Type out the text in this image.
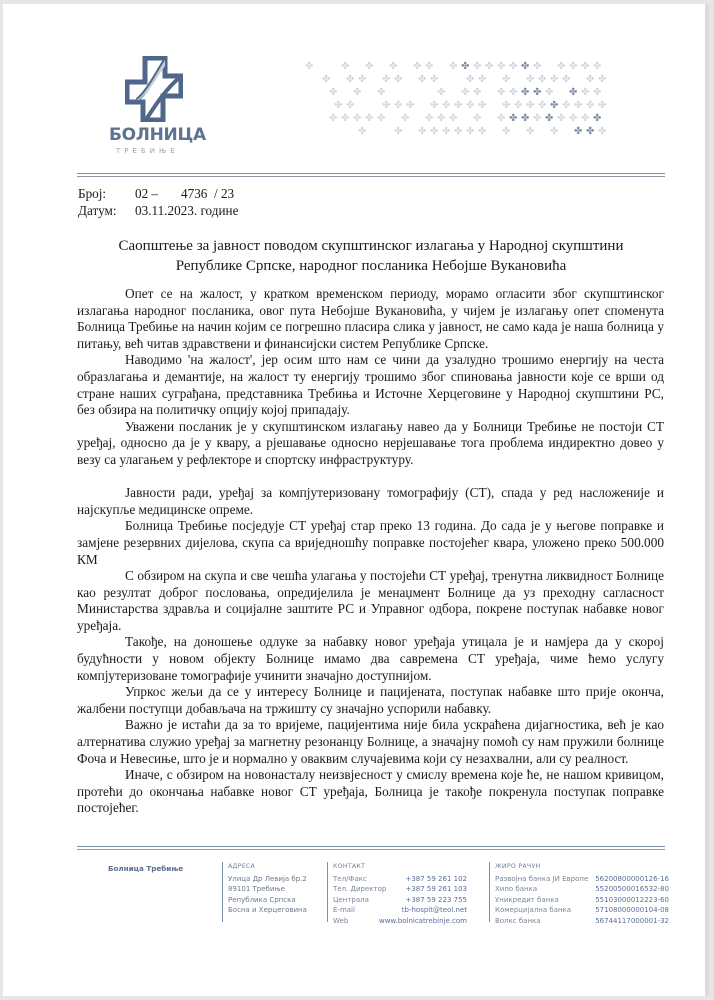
БОЛНИЦА
ТРЕБИЊЕ
✤	✤ ✤ ✤ ✤ ✤ ✤ ✤ ✤ ✤ ✤ ✤ ✤ ✤ ✤ ✤ ✤ ✤
✤ ✤ ✤ ✤ ✤ ✤ ✤	✤ ✤ ✤ ✤ ✤ ✤ ✤ ✤ ✤
✤ ✤ ✤	✤ ✤ ✤ ✤ ✤ ✤ ✤ ✤ ✤ ✤ ✤
✤ ✤	✤ ✤ ✤ ✤ ✤ ✤ ✤ ✤ ✤ ✤ ✤ ✤ ✤ ✤ ✤ ✤ ✤
✤ ✤ ✤ ✤ ✤ ✤ ✤ ✤ ✤ ✤ ✤ ✤ ✤ ✤ ✤ ✤ ✤ ✤ ✤
✤	✤ ✤ ✤ ✤ ✤ ✤ ✤ ✤ ✤ ✤ ✤ ✤ ✤
Број:	02 –	4736 / 23
Датум:	03.11.2023. године
Саопштење за јавност поводом скупштинског излагања у Народној скупштини
Републике Српске, народног посланика Небојше Вукановића

Опет се на жалост, у кратком временском периоду, морамо огласити због скупштинског излагања народног посланика, овог пута Небојше Вукановића, у чијем је излагању опет споменута Болница Требиње на начин којим се погрешно пласира слика у јавност, не само када је наша болница у питању, већ читав здравствени и финансијски систем Републике Српске.

Наводимо 'на жалост', јер осим што нам се чини да узалудно трошимо енергију на честа образлагања и демантије, на жалост ту енергију трошимо због спиновања јавности које се врши од стране наших суграђана, представника Требиња и Источне Херцеговине у Народној скупштини РС, без обзира на политичку опцију којој припадају.

Уважени посланик је у скупштинском излагању навео да у Болници Требиње не постоји СТ уређај, односно да је у квару, а рјешавање односно нерјешавање тога проблема индиректно довео у везу са улагањем у рефлекторе и спортску инфраструктуру.

Јавности ради, уређај за компјутеризовану томографију (СТ), спада у ред насложеније и најскупље медицинске опреме.

Болница Требиње посједује СТ уређај стар преко 13 година. До сада је у његове поправке и замјене резервних дијелова, скупа са вриједношћу поправке постојећег квара, уложено преко 500.000 КМ

С обзиром на скупа и све чешћа улагања у постојећи СТ уређај, тренутна ликвидност Болнице као резултат доброг пословања, опредијелила је менаџмент Болнице да уз преходну сагласност Министарства здравља и социјалне заштите РС и Управног одбора, покрене поступак набавке новог уређаја.

Такође, на доношење одлуке за набавку новог уређаја утицала је и намјера да у скорој будућности у новом објекту Болнице имамо два савремена СТ уређаја, чиме ћемо услугу компјутеризоване томографије учинити значајно доступнијом.

Упркос жељи да се у интересу Болнице и пацијената, поступак набавке што прије оконча, жалбени поступци добављача на тржишту су значајно успорили набавку.

Важно је истаћи да за то вријеме, пацијентима није била ускраћена дијагностика, већ је као алтернатива служио уређај за магнетну резонанцу Болнице, а значајну помоћ су нам пружили болнице Фоча и Невесиње, што је и нормално у оваквим случајевима који су незахвални, али су реалност.

Иначе, с обзиром на новонасталу неизвјесност у смислу времена које ће, не нашом кривицом, протећи до окончања набавке новог СТ уређаја, Болница је такође покренула поступак поправке постојећег.

Болница Требиње	АДРЕСА
Улица Др Левија бр.2
89101 Требиње
Република Српска
Босна и Херцеговина
КОНТАКТ
Тел/Факс	+387 59 261 102
Тел. Директор	+387 59 261 103
Централа	+387 59 223 755
E-mail	tb-hospit@teol.net
Web	www.bolnicatrebinje.com
ЖИРО РАЧУН
Развојна банка ЈИ Европе 56200800000126-16
Хипо банка	55200500016532-80
Уникредит банка	55103000012223-60
Комерцијална банка	57108000000104-08
Волкс банка	56744117000001-32
